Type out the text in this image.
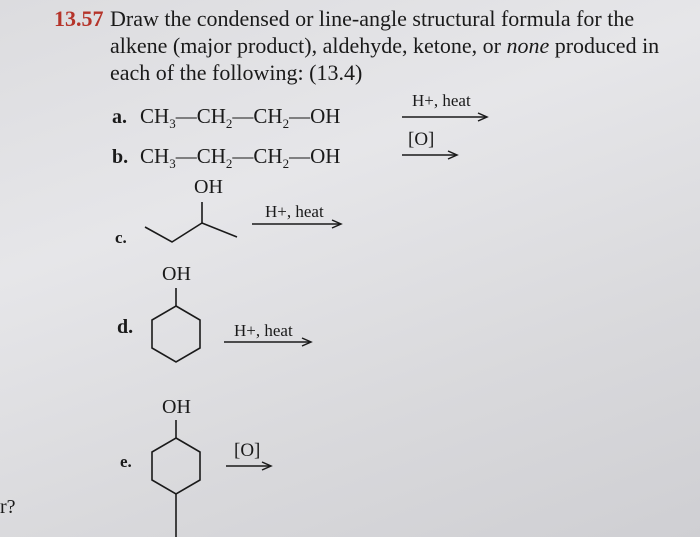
13.57 Draw the condensed or line-angle structural formula for the
alkene (major product), aldehyde, ketone, or none produced in
each of the following: (13.4)
a. $CH_3—CH_2—CH_2—OH$
H+, heat
b. $CH_3—CH_2—CH_2—OH$
[O]
OH
c.
H+, heat
OH
d.	H+, heat
OH
e.
[O]
r?
